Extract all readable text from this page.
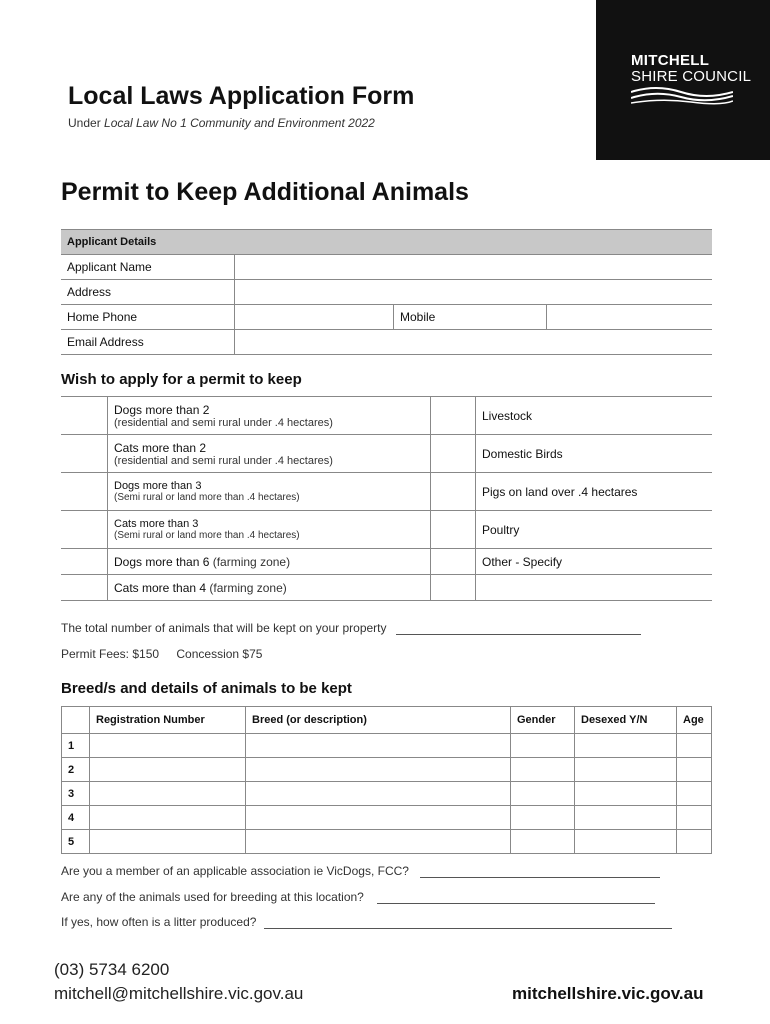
MITCHELL
SHIRE COUNCIL
Local Laws Application Form
Under Local Law No 1 Community and Environment 2022
Permit to Keep Additional Animals
Applicant Details			
Applicant Name			
Address			
Home Phone		Mobile	
Email Address			
Wish to apply for a permit to keep

	Dogs more than 2
(residential and semi rural under .4 hectares)		Livestock

	Cats more than 2
(residential and semi rural under .4 hectares)		Domestic Birds

	Dogs more than 3
(Semi rural or land more than .4 hectares)		Pigs on land over .4 hectares

	Cats more than 3
(Semi rural or land more than .4 hectares)		Poultry
	Dogs more than 6 (farming zone)		Other - Specify
	Cats more than 4 (farming zone)		
The total number of animals that will be kept on your property
Permit Fees: $150 Concession $75
Breed/s and details of animals to be kept
	Registration Number	Breed (or description)	Gender	Desexed Y/N	Age
1					
2					
3					
4					
5					
Are you a member of an applicable association ie VicDogs, FCC?
Are any of the animals used for breeding at this location?
If yes, how often is a litter produced?
(03) 5734 6200
mitchell@mitchellshire.vic.gov.au	mitchellshire.vic.gov.au
